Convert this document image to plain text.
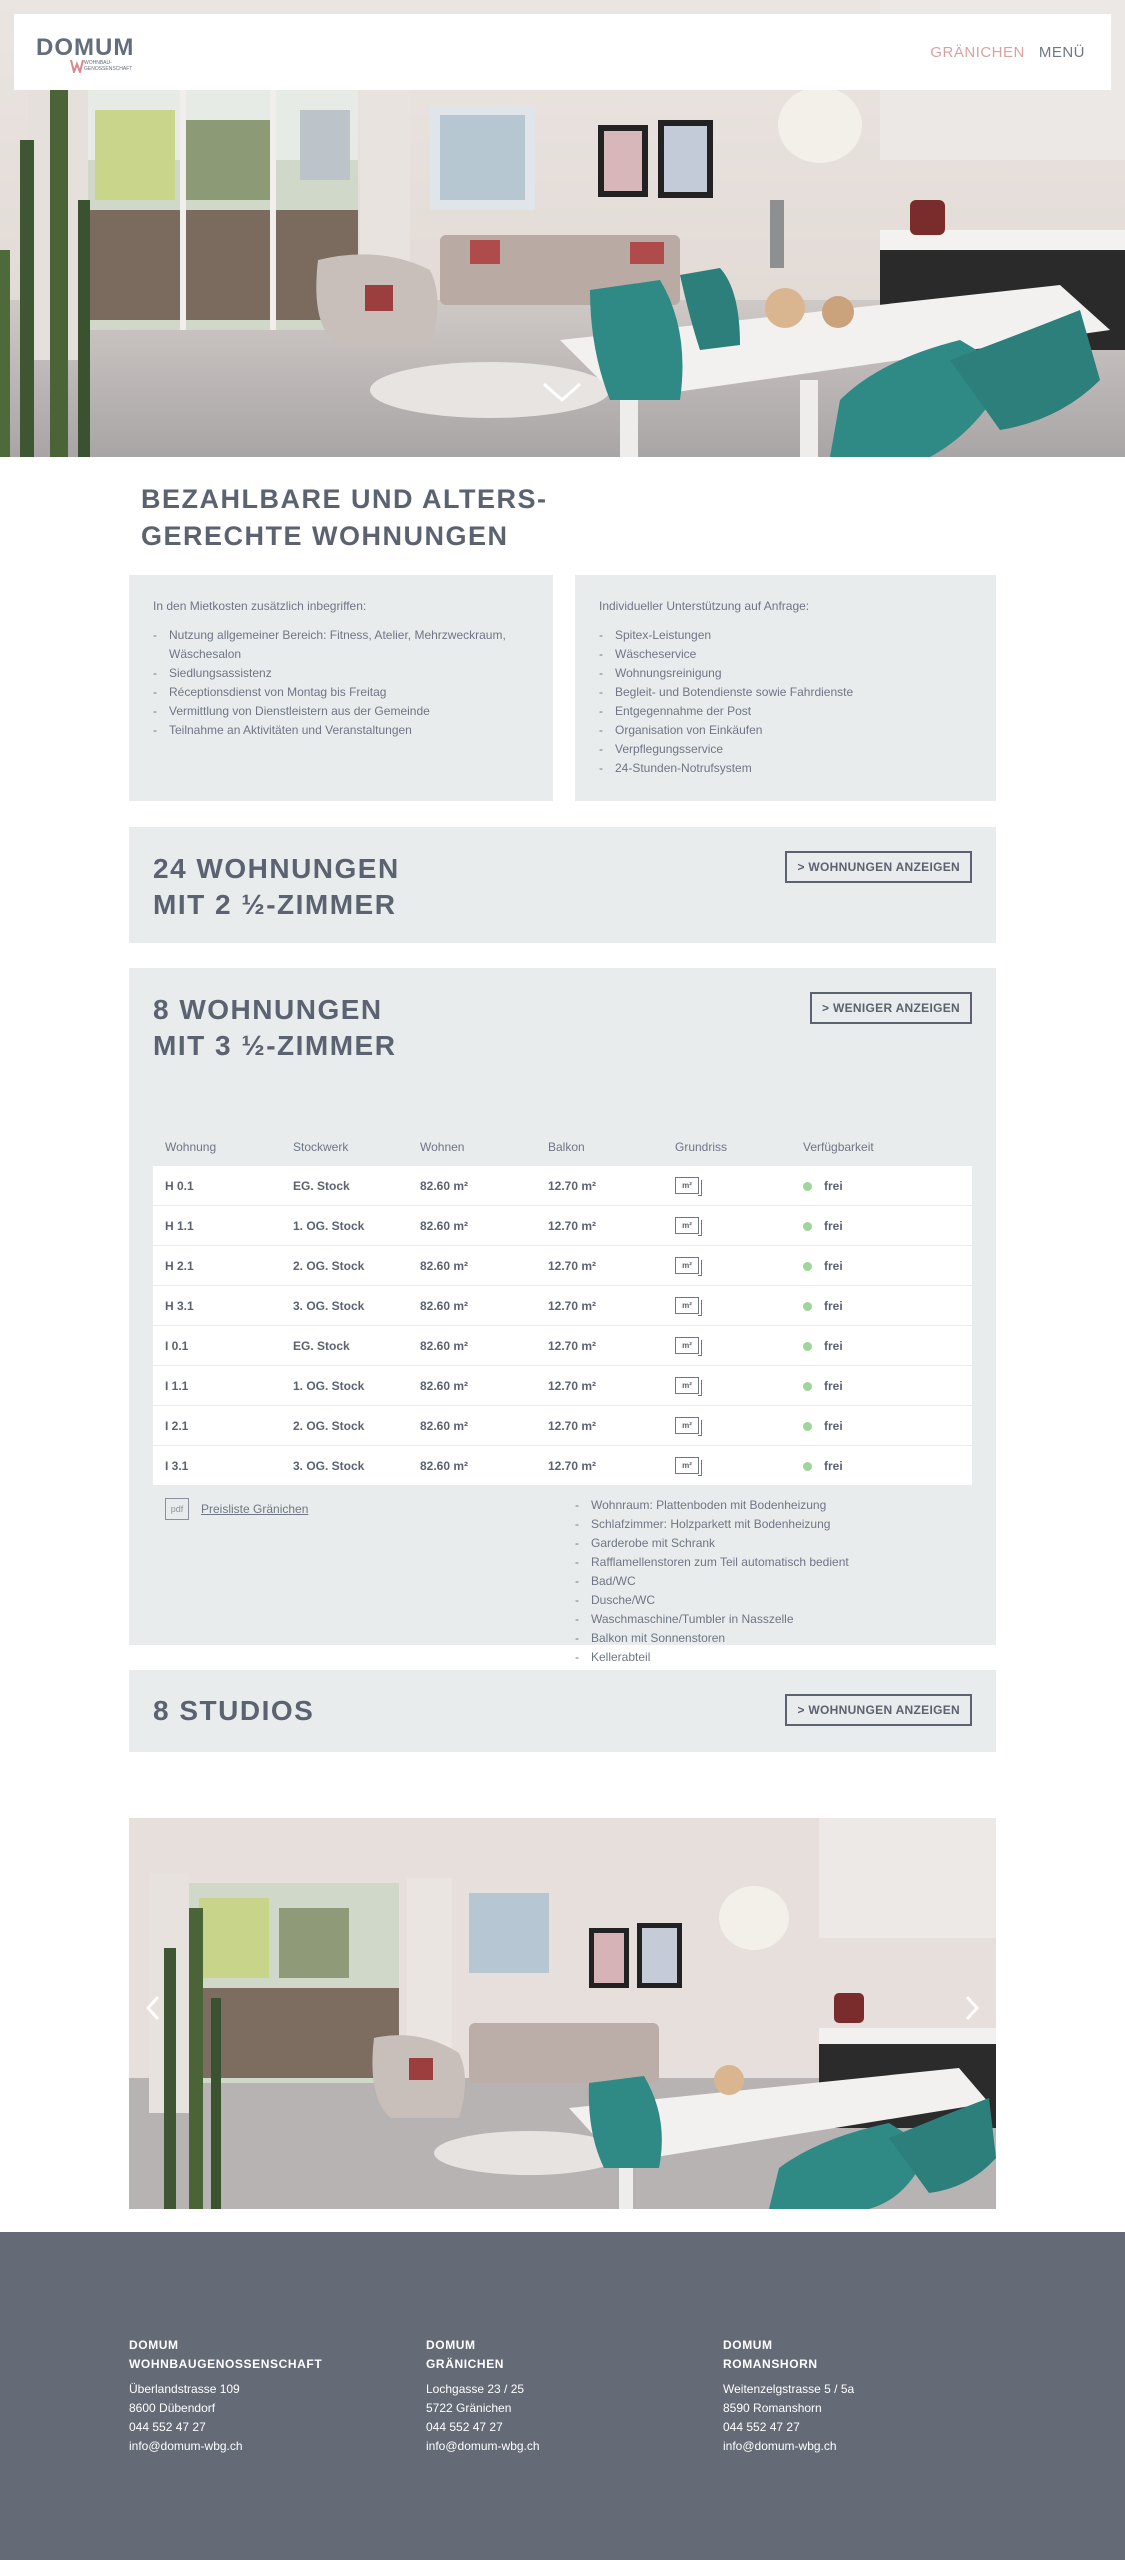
DOMUM
WOHNBAU-GENOSSENSCHAFT
GRÄNICHEN MENÜ
BEZAHLBARE UND ALTERS-
GERECHTE WOHNUNGEN

In den Mietkosten zusätzlich inbegriffen:

- Nutzung allgemeiner Bereich: Fitness, Atelier, Mehrzweckraum, Wäschesalon
- Siedlungsassistenz
- Réceptionsdienst von Montag bis Freitag
- Vermittlung von Dienstleistern aus der Gemeinde
- Teilnahme an Aktivitäten und Veranstaltungen

Individueller Unterstützung auf Anfrage:

- Spitex-Leistungen
- Wäscheservice
- Wohnungsreinigung
- Begleit- und Botendienste sowie Fahrdienste
- Entgegennahme der Post
- Organisation von Einkäufen
- Verpflegungsservice
- 24-Stunden-Notrufsystem
24 WOHNUNGEN
MIT 2 ½-ZIMMER
> WOHNUNGEN ANZEIGEN
8 WOHNUNGEN
MIT 3 ½-ZIMMER
> WENIGER ANZEIGEN
Wohnung	Stockwerk	Wohnen	Balkon	Grundriss	Verfügbarkeit
H 0.1	EG. Stock	82.60 m²	12.70 m²	m²	frei
H 1.1	1. OG. Stock	82.60 m²	12.70 m²	m²	frei
H 2.1	2. OG. Stock	82.60 m²	12.70 m²	m²	frei
H 3.1	3. OG. Stock	82.60 m²	12.70 m²	m²	frei
I 0.1	EG. Stock	82.60 m²	12.70 m²	m²	frei
I 1.1	1. OG. Stock	82.60 m²	12.70 m²	m²	frei
I 2.1	2. OG. Stock	82.60 m²	12.70 m²	m²	frei
I 3.1	3. OG. Stock	82.60 m²	12.70 m²	m²	frei
pdf	Preisliste Gränichen	- Wohnraum: Plattenboden mit Bodenheizung
- Schlafzimmer: Holzparkett mit Bodenheizung
- Garderobe mit Schrank
- Rafflamellenstoren zum Teil automatisch bedient
- Bad/WC
- Dusche/WC
- Waschmaschine/Tumbler in Nasszelle
- Balkon mit Sonnenstoren
- Kellerabteil
8 STUDIOS	> WOHNUNGEN ANZEIGEN
DOMUM
WOHNBAUGENOSSENSCHAFT
Überlandstrasse 109
8600 Dübendorf
044 552 47 27
info@domum-wbg.ch
DOMUM
GRÄNICHEN
Lochgasse 23 / 25
5722 Gränichen
044 552 47 27
info@domum-wbg.ch
DOMUM
ROMANSHORN
Weitenzelgstrasse 5 / 5a
8590 Romanshorn
044 552 47 27
info@domum-wbg.ch
